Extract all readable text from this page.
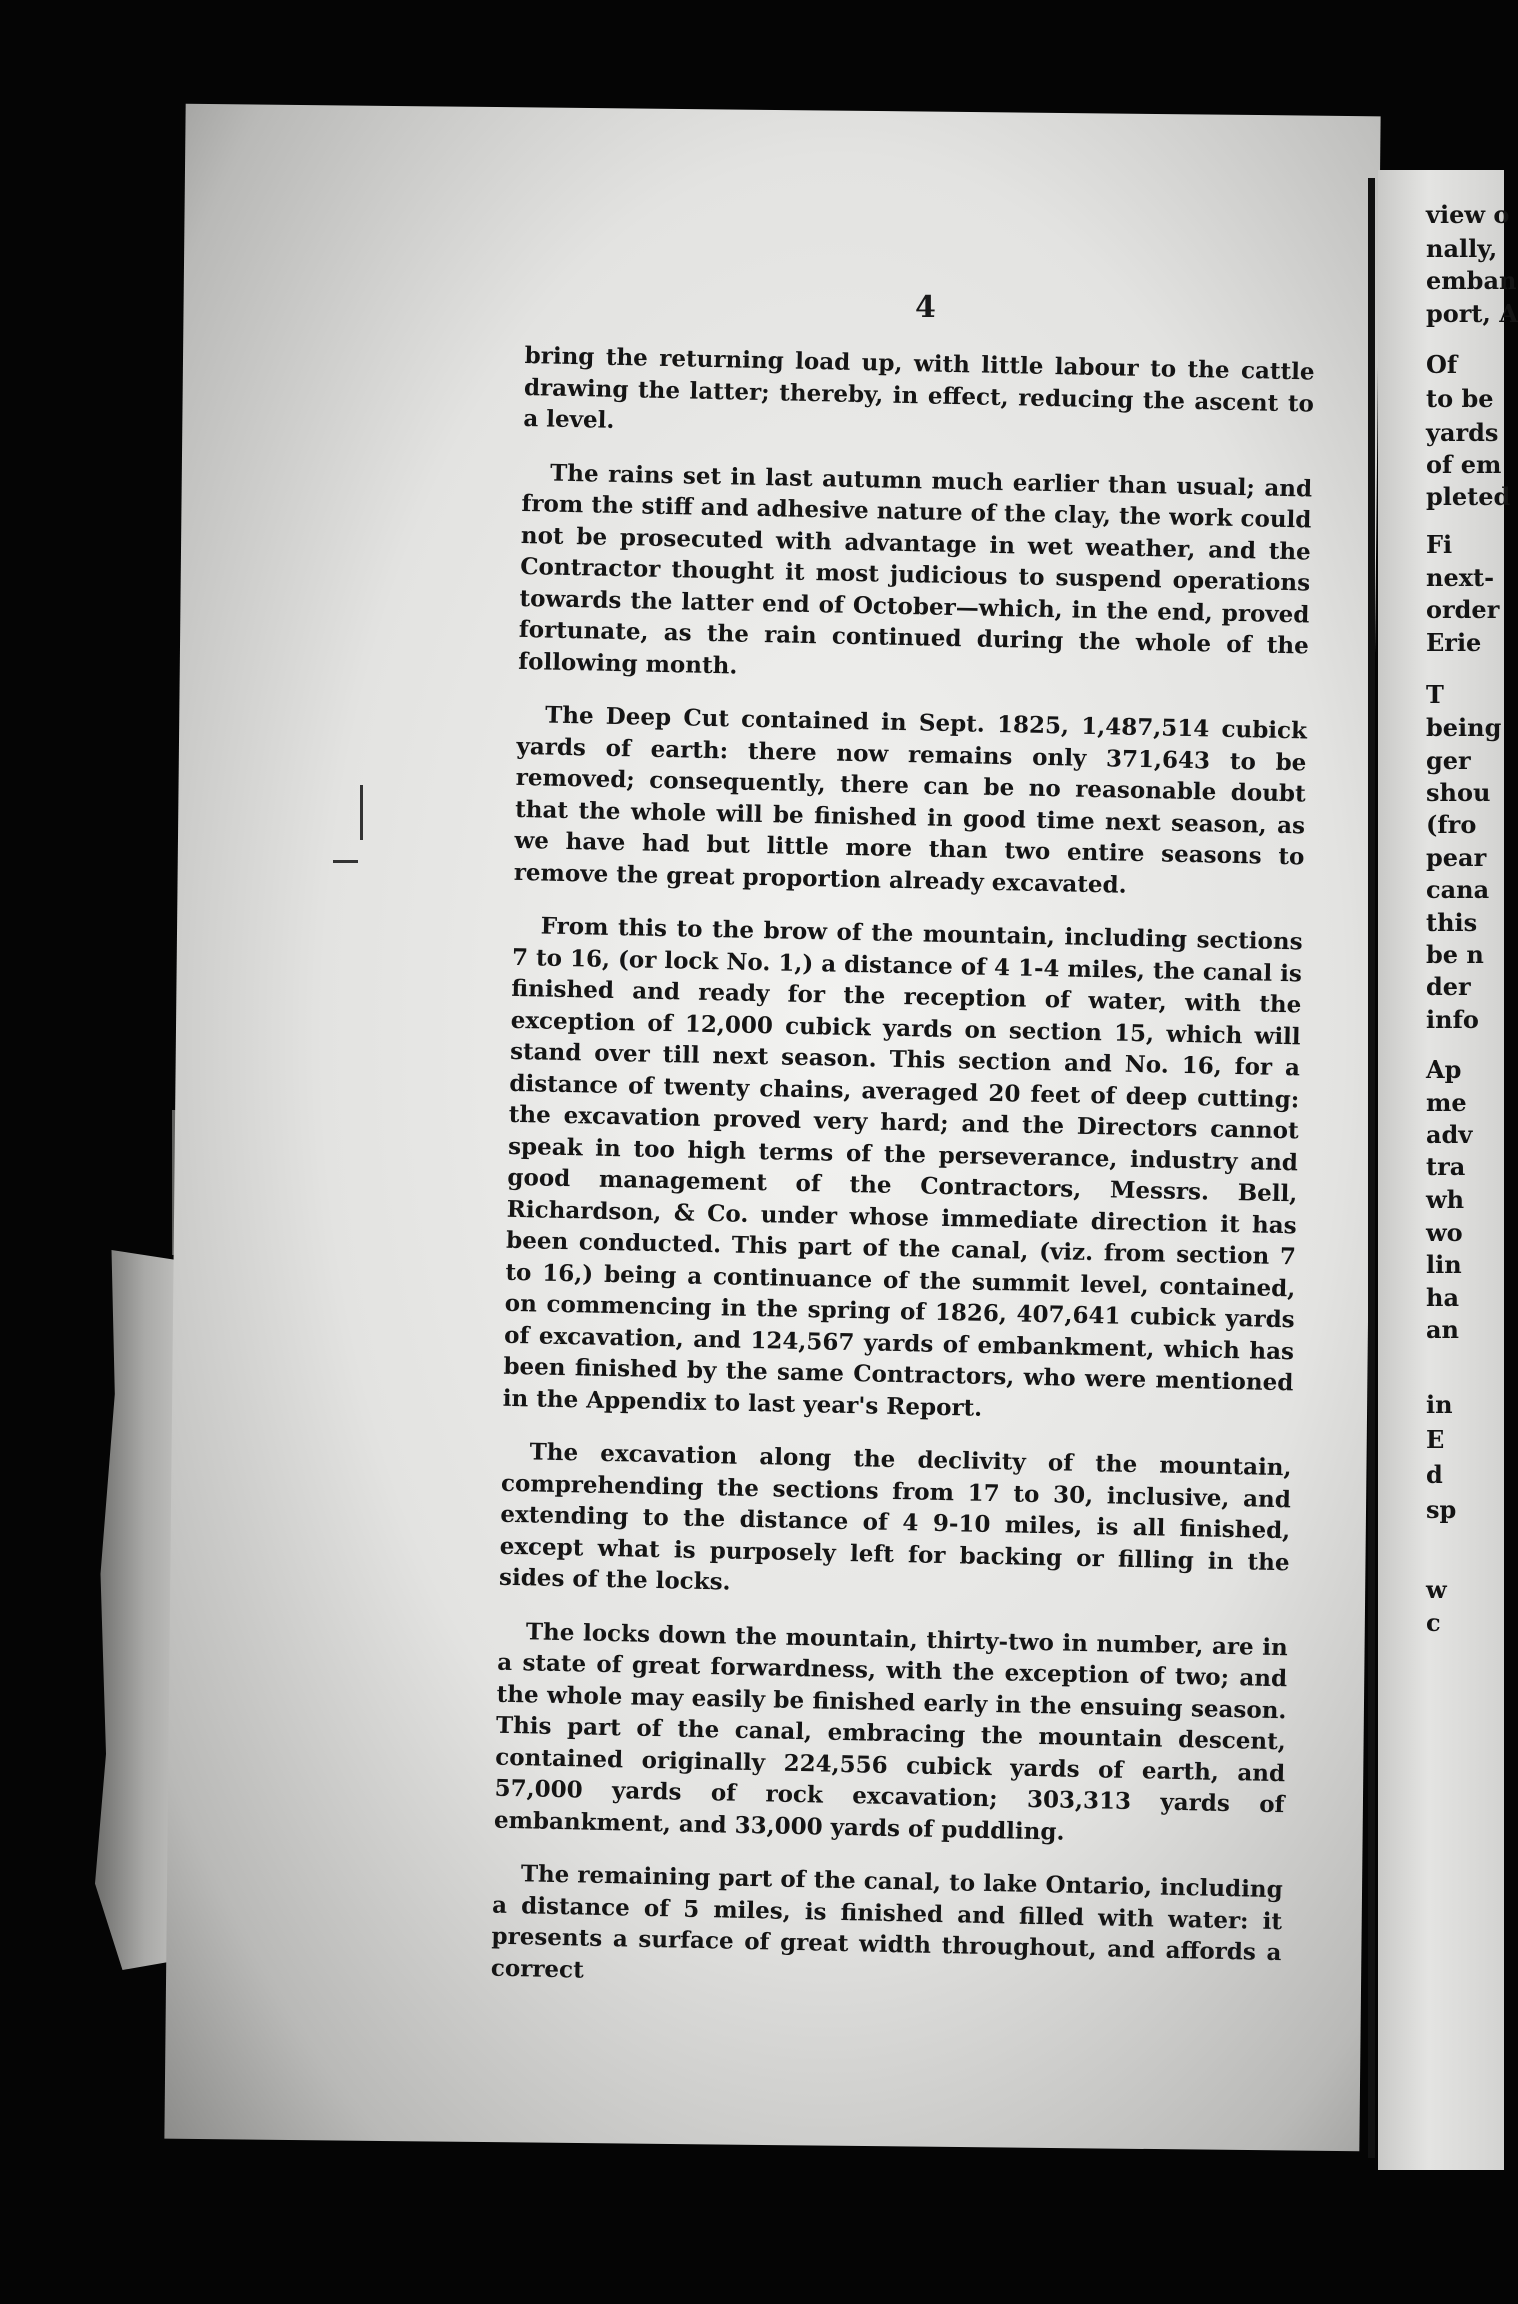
view o
nally,
emban
port, A
Of
to be
yards
of em
pleted
Fi
next-
order
Erie
T
being
ger
shou
(fro
pear
cana
this
be n
der
info
Ap
me
adv
tra
wh
wo
lin
ha
an
in
E
d
sp
w
c
4

bring the returning load up, with little labour to the cattle drawing the latter; thereby, in effect, reducing the ascent to a level.

The rains set in last autumn much earlier than usual; and from the stiff and adhesive nature of the clay, the work could not be prosecuted with advantage in wet weather, and the Contractor thought it most judicious to suspend operations towards the latter end of October—which, in the end, proved fortunate, as the rain continued during the whole of the following month.

The Deep Cut contained in Sept. 1825, 1,487,514 cubick yards of earth: there now remains only 371,643 to be removed; consequently, there can be no reasonable doubt that the whole will be finished in good time next season, as we have had but little more than two entire seasons to remove the great proportion already excavated.

From this to the brow of the mountain, including sections 7 to 16, (or lock No. 1,) a distance of 4 1-4 miles, the canal is finished and ready for the reception of water, with the exception of 12,000 cubick yards on section 15, which will stand over till next season. This section and No. 16, for a distance of twenty chains, averaged 20 feet of deep cutting: the excavation proved very hard; and the Directors cannot speak in too high terms of the perseverance, industry and good management of the Contractors, Messrs. Bell, Richardson, & Co. under whose immediate direction it has been conducted. This part of the canal, (viz. from section 7 to 16,) being a continuance of the summit level, contained, on commencing in the spring of 1826, 407,641 cubick yards of excavation, and 124,567 yards of embankment, which has been finished by the same Contractors, who were mentioned in the Appendix to last year's Report.

The excavation along the declivity of the mountain, comprehending the sections from 17 to 30, inclusive, and extending to the distance of 4 9-10 miles, is all finished, except what is purposely left for backing or filling in the sides of the locks.

The locks down the mountain, thirty-two in number, are in a state of great forwardness, with the exception of two; and the whole may easily be finished early in the ensuing season. This part of the canal, embracing the mountain descent, contained originally 224,556 cubick yards of earth, and 57,000 yards of rock excavation; 303,313 yards of embankment, and 33,000 yards of puddling.

The remaining part of the canal, to lake Ontario, including a distance of 5 miles, is finished and filled with water: it presents a surface of great width throughout, and affords a correct
